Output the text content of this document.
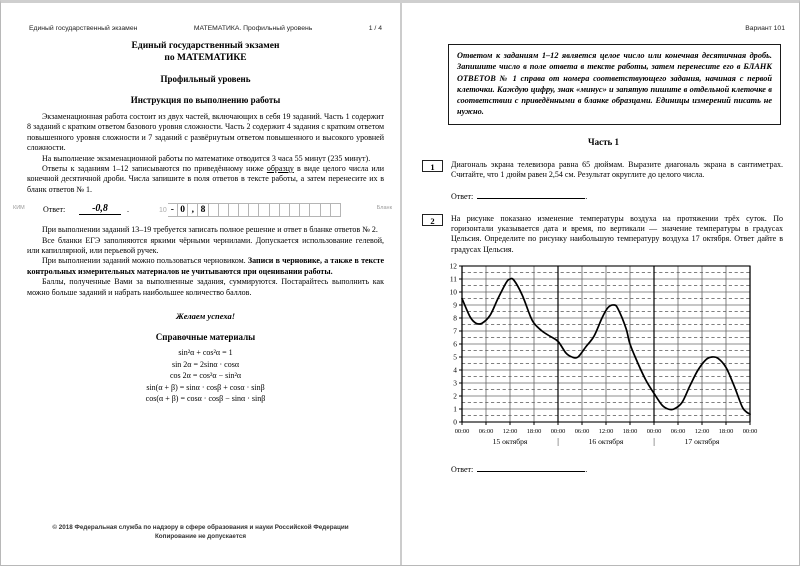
Единый государственный экзамен	МАТЕМАТИКА. Профильный уровень	1 / 4
Единый государственный экзамен
по МАТЕМАТИКЕ
Профильный уровень
Инструкция по выполнению работы

Экзаменационная работа состоит из двух частей, включающих в себя 19 заданий. Часть 1 содержит 8 заданий с кратким ответом базового уровня сложности. Часть 2 содержит 4 задания с кратким ответом повышенного уровня сложности и 7 заданий с развёрнутым ответом повышенного и высокого уровней сложности.

На выполнение экзаменационной работы по математике отводится 3 часа 55 минут (235 минут).

Ответы к заданиям 1–12 записываются по приведённому ниже образцу в виде целого числа или конечной десятичной дроби. Числа запишите в поля ответов в тексте работы, а затем перенесите их в бланк ответов № 1.

КИМ Ответ:	-0,8	.	10 - 0 , 8	Бланк

При выполнении заданий 13–19 требуется записать полное решение и ответ в бланке ответов № 2.

Все бланки ЕГЭ заполняются яркими чёрными чернилами. Допускается использование гелевой, или капиллярной, или перьевой ручек.

При выполнении заданий можно пользоваться черновиком. Записи в черновике, а также в тексте контрольных измерительных материалов не учитываются при оценивании работы.

Баллы, полученные Вами за выполненные задания, суммируются. Постарайтесь выполнить как можно больше заданий и набрать наибольшее количество баллов.

Желаем успеха!
Справочные материалы
sin²α + cos²α = 1
sin 2α = 2sinα · cosα
cos 2α = cos²α − sin²α
sin(α + β) = sinα · cosβ + cosα · sinβ
cos(α + β) = cosα · cosβ − sinα · sinβ
© 2018 Федеральная служба по надзору в сфере образования и науки Российской Федерации
Копирование не допускается
Вариант 101
Ответом к заданиям 1–12 является целое число или конечная десятичная дробь. Запишите число в поле ответа в тексте работы, затем перенесите его в БЛАНК ОТВЕТОВ № 1 справа от номера соответствующего задания, начиная с первой клеточки. Каждую цифру, знак «минус» и запятую пишите в отдельной клеточке в соответствии с приведёнными в бланке образцами. Единицы измерений писать не нужно.
Часть 1
1	Диагональ экрана телевизора равна 65 дюймам. Выразите диагональ экрана в сантиметрах. Считайте, что 1 дюйм равен 2,54 см. Результат округлите до целого числа.
Ответ:	.
2	На рисунке показано изменение температуры воздуха на протяжении трёх суток. По горизонтали указывается дата и время, по вертикали — значение температуры в градусах Цельсия. Определите по рисунку наибольшую температуру воздуха 17 октября. Ответ дайте в градусах Цельсия.
0
1
2
3
4
5
6
7
8
9
10
11
12
00:00 06:00 12:00 18:00 00:00 06:00 12:00 18:00 00:00 06:00 12:00 18:00 00:00
15 октября	16 октября	17 октября
|	|
Ответ:	.
